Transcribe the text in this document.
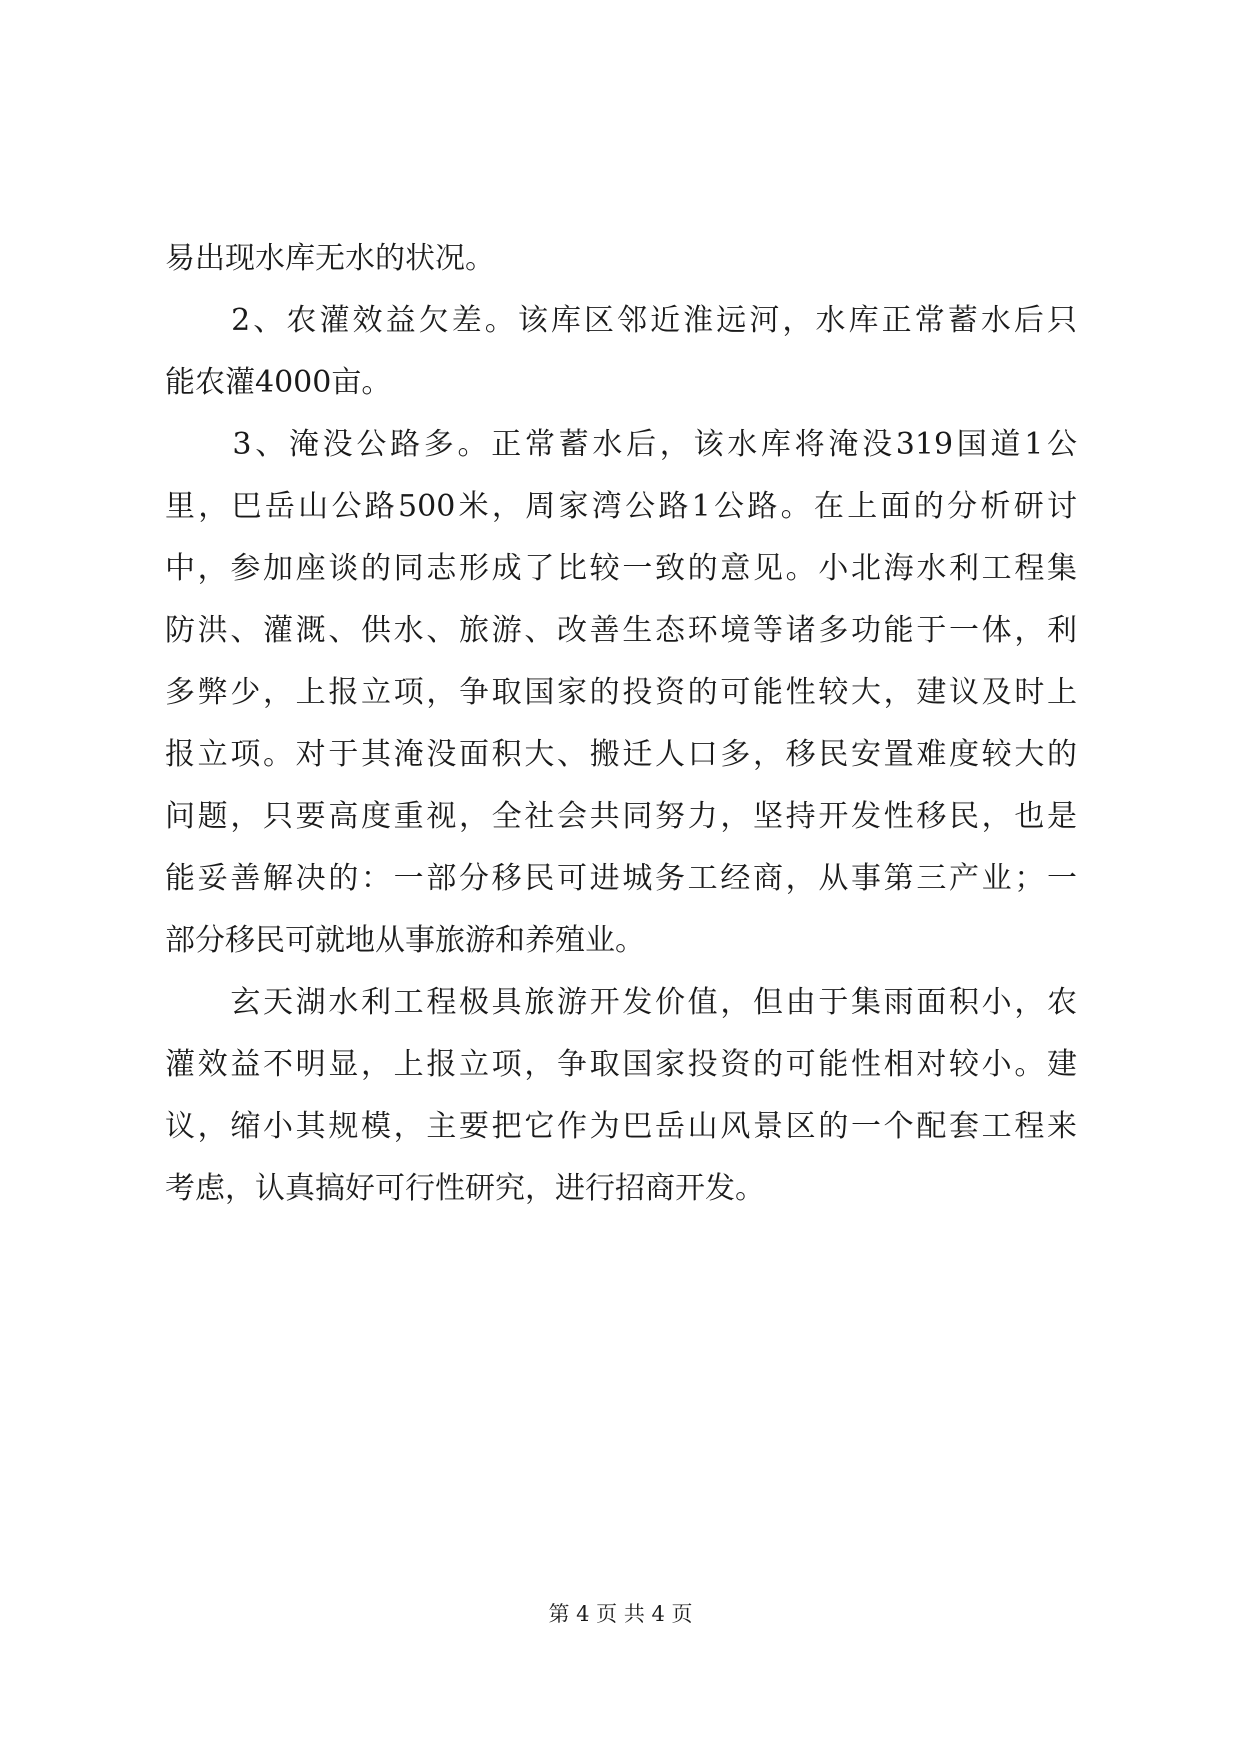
易出现水库无水的状况。
　　2、农灌效益欠差。该库区邻近淮远河，水库正常蓄水后只
能农灌4000亩。
　　3、淹没公路多。正常蓄水后，该水库将淹没319国道1公
里，巴岳山公路500米，周家湾公路1公路。在上面的分析研讨
中，参加座谈的同志形成了比较一致的意见。小北海水利工程集
防洪、灌溉、供水、旅游、改善生态环境等诸多功能于一体，利
多弊少，上报立项，争取国家的投资的可能性较大，建议及时上
报立项。对于其淹没面积大、搬迁人口多，移民安置难度较大的
问题，只要高度重视，全社会共同努力，坚持开发性移民，也是
能妥善解决的：一部分移民可进城务工经商，从事第三产业；一
部分移民可就地从事旅游和养殖业。
　　玄天湖水利工程极具旅游开发价值，但由于集雨面积小，农
灌效益不明显，上报立项，争取国家投资的可能性相对较小。建
议，缩小其规模，主要把它作为巴岳山风景区的一个配套工程来
考虑，认真搞好可行性研究，进行招商开发。
第 4 页 共 4 页
